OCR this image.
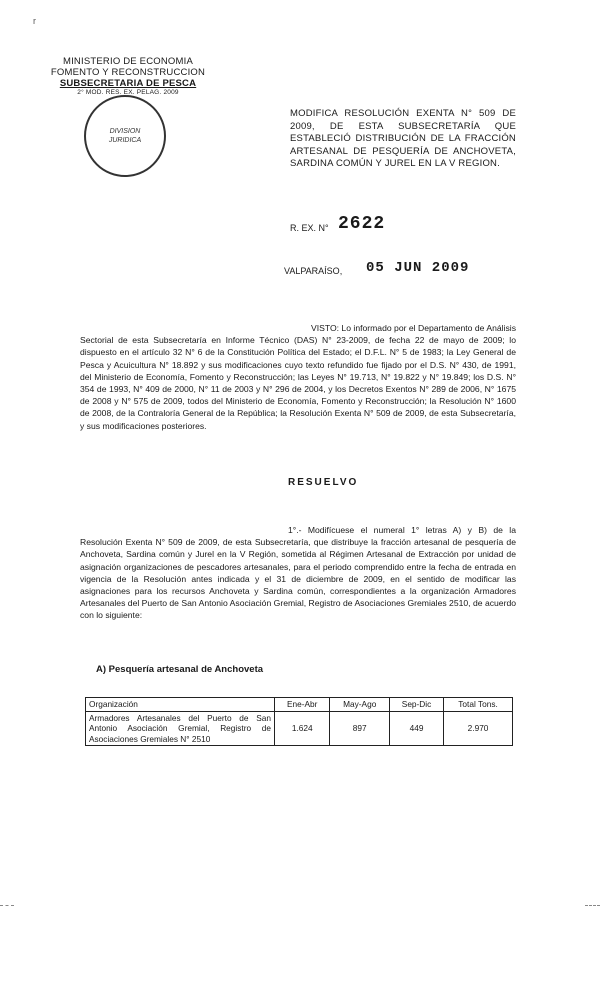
r
MINISTERIO DE ECONOMIA
FOMENTO Y RECONSTRUCCION
SUBSECRETARIA DE PESCA
2° MOD. RES. EX. PELAG. 2009
DIVISION
JURIDICA
MODIFICA RESOLUCIÓN EXENTA N° 509 DE 2009, DE ESTA SUBSECRETARÍA QUE ESTABLECIÓ DISTRIBUCIÓN DE LA FRACCIÓN ARTESANAL DE PESQUERÍA DE ANCHOVETA, SARDINA COMÚN Y JUREL EN LA V REGION.
R. EX. N° 2622
VALPARAÍSO, 05 JUN 2009
VISTO: Lo informado por el Departamento de Análisis Sectorial de esta Subsecretaría en Informe Técnico (DAS) N° 23-2009, de fecha 22 de mayo de 2009; lo dispuesto en el artículo 32 N° 6 de la Constitución Política del Estado; el D.F.L. N° 5 de 1983; la Ley General de Pesca y Acuicultura N° 18.892 y sus modificaciones cuyo texto refundido fue fijado por el D.S. N° 430, de 1991, del Ministerio de Economía, Fomento y Reconstrucción; las Leyes N° 19.713, N° 19.822 y N° 19.849; los D.S. N° 354 de 1993, N° 409 de 2000, N° 11 de 2003 y N° 296 de 2004, y los Decretos Exentos N° 289 de 2006, N° 1675 de 2008 y N° 575 de 2009, todos del Ministerio de Economía, Fomento y Reconstrucción; la Resolución N° 1600 de 2008, de la Contraloría General de la República; la Resolución Exenta N° 509 de 2009, de esta Subsecretaría, y sus modificaciones posteriores.
RESUELVO
1°.- Modifícuese el numeral 1° letras A) y B) de la Resolución Exenta N° 509 de 2009, de esta Subsecretaría, que distribuye la fracción artesanal de pesquería de Anchoveta, Sardina común y Jurel en la V Región, sometida al Régimen Artesanal de Extracción por unidad de asignación organizaciones de pescadores artesanales, para el periodo comprendido entre la fecha de entrada en vigencia de la Resolución antes indicada y el 31 de diciembre de 2009, en el sentido de modificar las asignaciones para los recursos Anchoveta y Sardina común, correspondientes a la organización Armadores Artesanales del Puerto de San Antonio Asociación Gremial, Registro de Asociaciones Gremiales 2510, de acuerdo con lo siguiente:
A) Pesquería artesanal de Anchoveta
Organización	Ene-Abr	May-Ago	Sep-Dic	Total Tons.
Armadores Artesanales del Puerto de San Antonio Asociación Gremial, Registro de Asociaciones Gremiales N° 2510	1.624	897	449	2.970
